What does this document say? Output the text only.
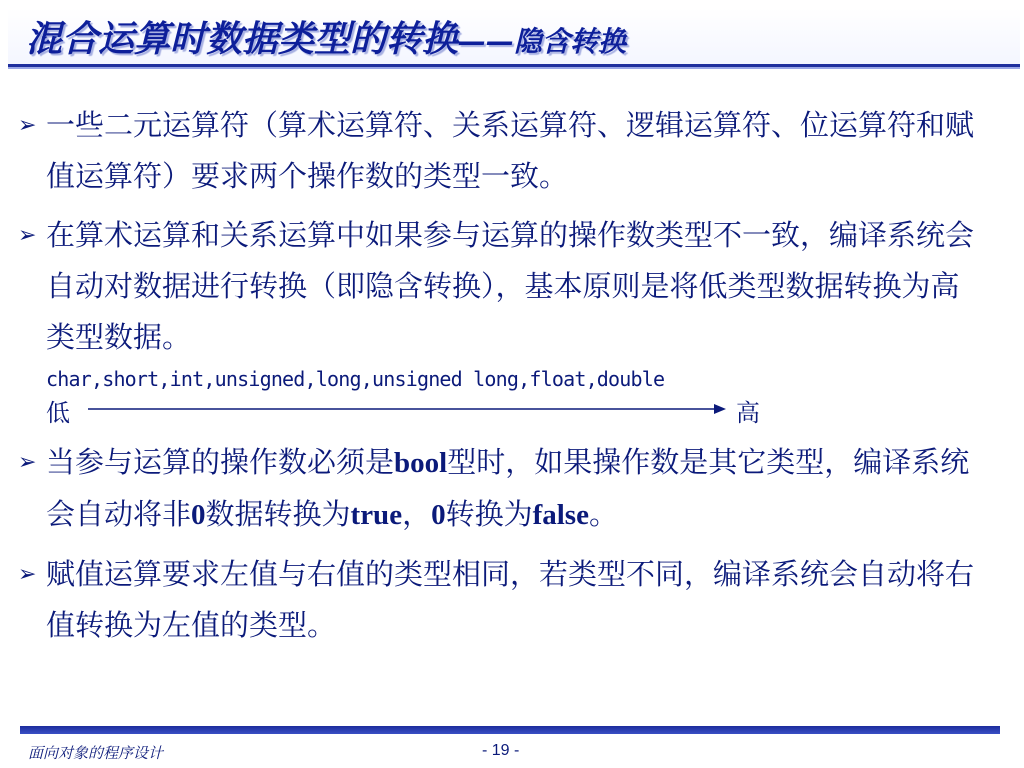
混合运算时数据类型的转换——隐含转换
➢ 一些二元运算符（算术运算符、关系运算符、逻辑运算符、位运算符和赋值运算符）要求两个操作数的类型一致。
➢ 在算术运算和关系运算中如果参与运算的操作数类型不一致，编译系统会自动对数据进行转换（即隐含转换），基本原则是将低类型数据转换为高类型数据。
char,short,int,unsigned,long,unsigned long,float,double
低	高
➢ 当参与运算的操作数必须是bool型时，如果操作数是其它类型，编译系统会自动将非0数据转换为true，0转换为false。
➢ 赋值运算要求左值与右值的类型相同，若类型不同，编译系统会自动将右值转换为左值的类型。
面向对象的程序设计	- 19 -
